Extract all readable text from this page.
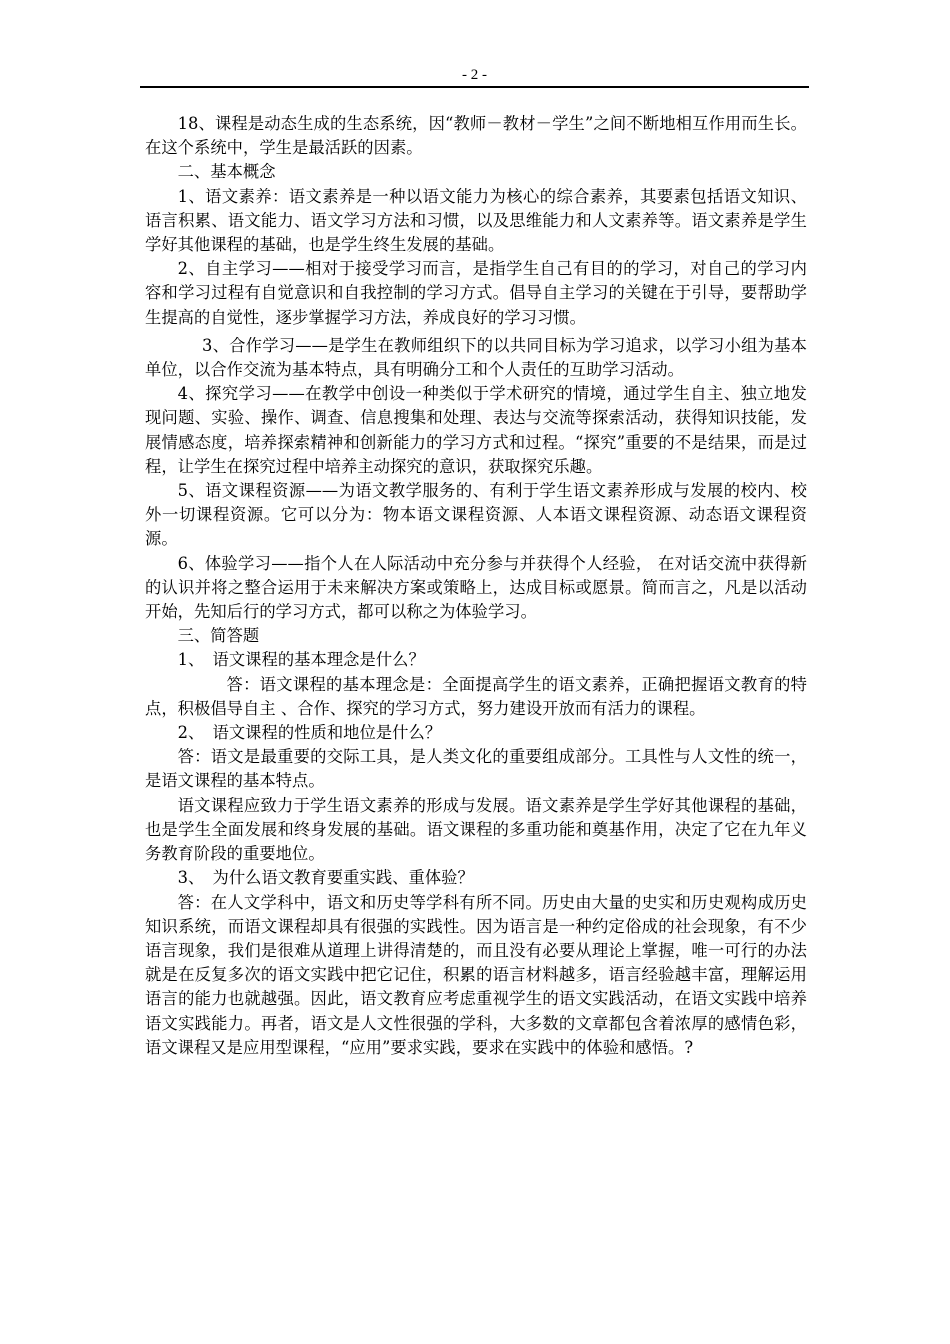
- 2 -

18、课程是动态生成的生态系统，因“教师－教材－学生”之间不断地相互作用而生长。在这个系统中，学生是最活跃的因素。

二、基本概念

1、语文素养：语文素养是一种以语文能力为核心的综合素养，其要素包括语文知识、语言积累、语文能力、语文学习方法和习惯，以及思维能力和人文素养等。语文素养是学生学好其他课程的基础，也是学生终生发展的基础。

2、自主学习——相对于接受学习而言，是指学生自己有目的的学习，对自己的学习内容和学习过程有自觉意识和自我控制的学习方式。倡导自主学习的关键在于引导，要帮助学生提高的自觉性，逐步掌握学习方法，养成良好的学习习惯。

3、合作学习——是学生在教师组织下的以共同目标为学习追求，以学习小组为基本单位，以合作交流为基本特点，具有明确分工和个人责任的互助学习活动。

4、探究学习——在教学中创设一种类似于学术研究的情境，通过学生自主、独立地发现问题、实验、操作、调查、信息搜集和处理、表达与交流等探索活动，获得知识技能，发展情感态度，培养探索精神和创新能力的学习方式和过程。“探究”重要的不是结果，而是过程，让学生在探究过程中培养主动探究的意识，获取探究乐趣。

5、语文课程资源——为语文教学服务的、有利于学生语文素养形成与发展的校内、校外一切课程资源。它可以分为：物本语文课程资源、人本语文课程资源、动态语文课程资源。

6、体验学习——指个人在人际活动中充分参与并获得个人经验， 在对话交流中获得新的认识并将之整合运用于未来解决方案或策略上，达成目标或愿景。简而言之，凡是以活动开始，先知后行的学习方式，都可以称之为体验学习。

三、简答题

1、　语文课程的基本理念是什么？

答：语文课程的基本理念是：全面提高学生的语文素养，正确把握语文教育的特点，积极倡导自主 、合作、探究的学习方式，努力建设开放而有活力的课程。

2、　语文课程的性质和地位是什么？

答：语文是最重要的交际工具，是人类文化的重要组成部分。工具性与人文性的统一，是语文课程的基本特点。

语文课程应致力于学生语文素养的形成与发展。语文素养是学生学好其他课程的基础，也是学生全面发展和终身发展的基础。语文课程的多重功能和奠基作用，决定了它在九年义务教育阶段的重要地位。

3、　为什么语文教育要重实践、重体验？

答：在人文学科中，语文和历史等学科有所不同。历史由大量的史实和历史观构成历史知识系统，而语文课程却具有很强的实践性。因为语言是一种约定俗成的社会现象，有不少语言现象，我们是很难从道理上讲得清楚的，而且没有必要从理论上掌握，唯一可行的办法就是在反复多次的语文实践中把它记住，积累的语言材料越多，语言经验越丰富，理解运用语言的能力也就越强。因此，语文教育应考虑重视学生的语文实践活动，在语文实践中培养语文实践能力。再者，语文是人文性很强的学科，大多数的文章都包含着浓厚的感情色彩，语文课程又是应用型课程，“应用”要求实践，要求在实践中的体验和感悟。?
